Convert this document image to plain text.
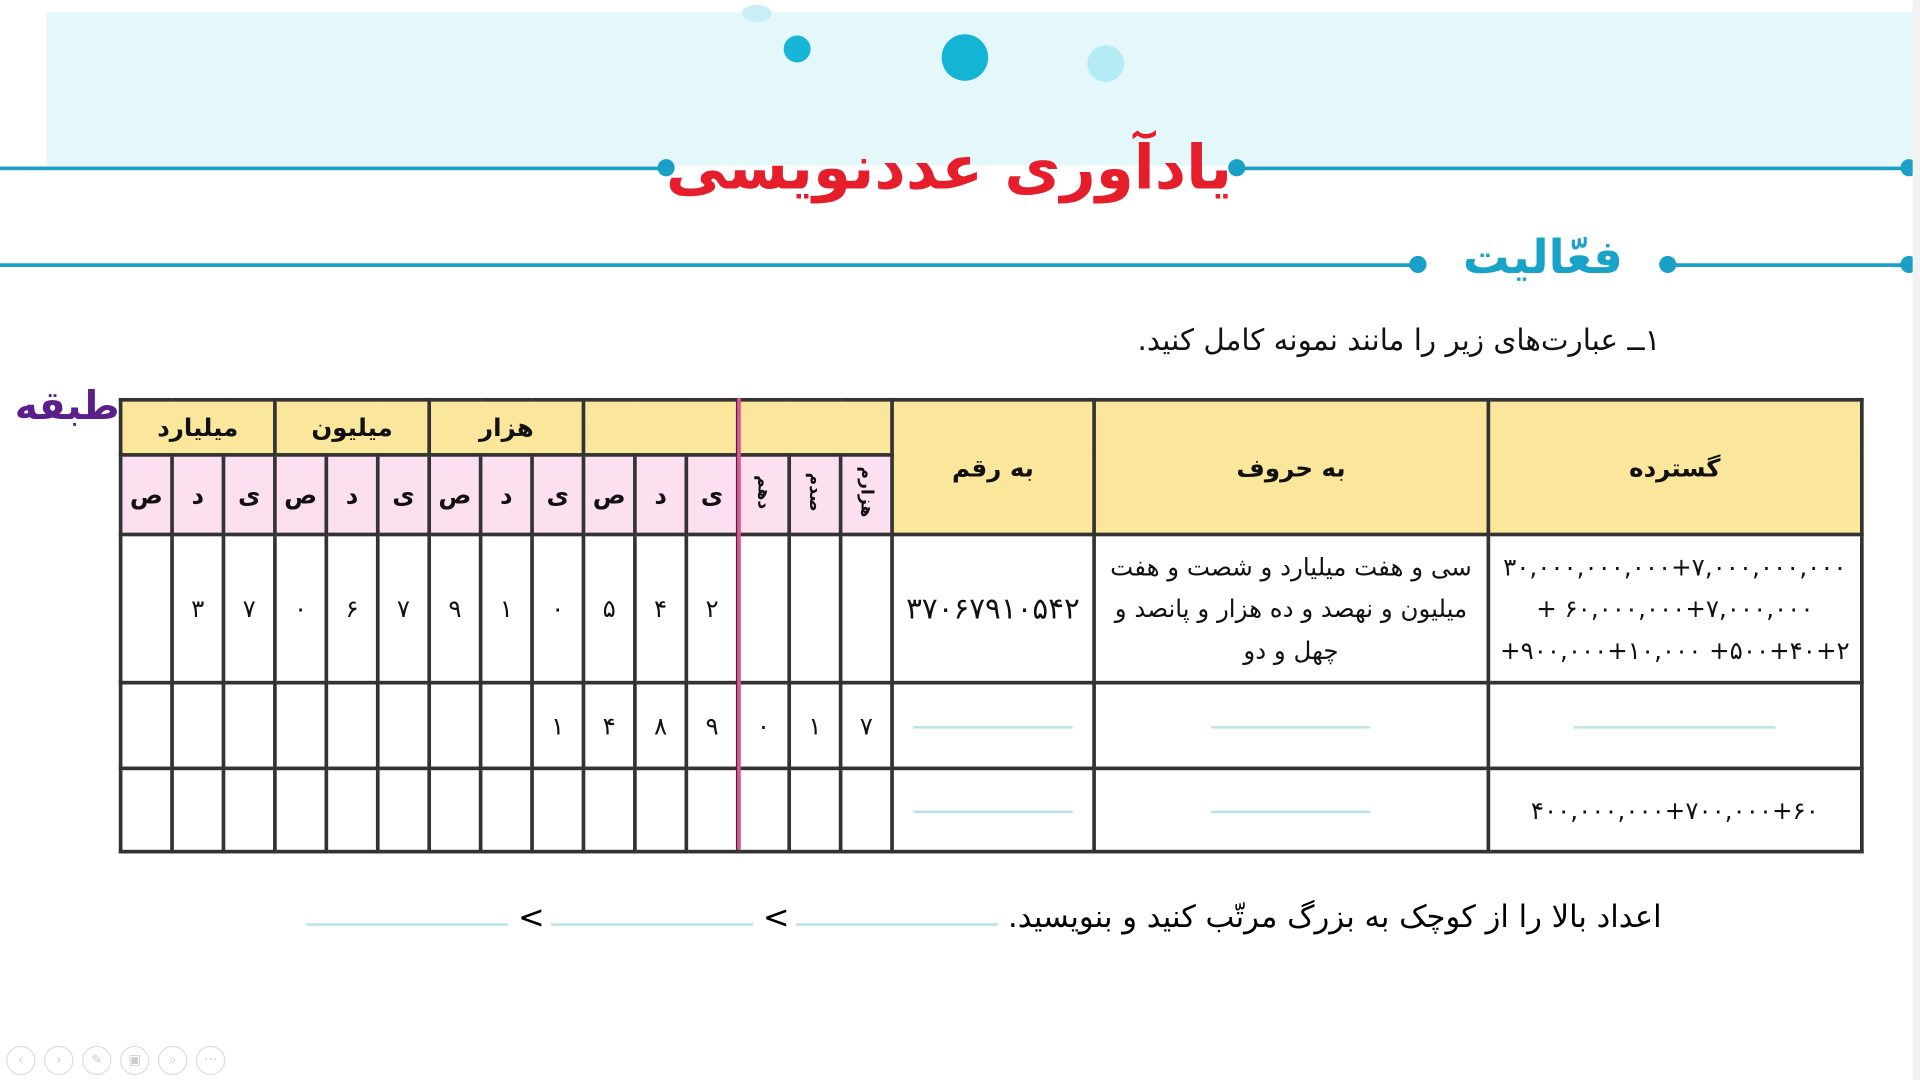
یادآوری عددنویسی
فعّالیت
۱ــ عبارت‌های زیر را مانند نمونه کامل کنید.
طبقه میلیارد			میلیون			هزار									به رقم	به حروف	گسترده
ص	د	ی	ص	د	ی	ص	د	ی	ص	د	ی	دهم	صدم	هزارم			
	۳	۷	۰	۶	۷	۹	۱	۰	۵	۴	۲				۳۷۰۶۷۹۱۰۵۴۲	سی و هفت میلیارد و شصت و هفت میلیون و نهصد و ده هزار و پانصد و چهل و دو	۳۰,۰۰۰,۰۰۰,۰۰۰+۷,۰۰۰,۰۰۰,۰۰۰
+ ۶۰,۰۰۰,۰۰۰+۷,۰۰۰,۰۰۰
+۹۰۰,۰۰۰+۱۰,۰۰۰ +۵۰۰+۴۰+۲

								۱	۴	۸	۹	۰	۱	۷			

																	۴۰۰,۰۰۰,۰۰۰+۷۰۰,۰۰۰+۶۰
اعداد بالا را از کوچک به بزرگ مرتّب کنید و بنویسید.
<
<
‹	›	✎	▣	⌕	···
